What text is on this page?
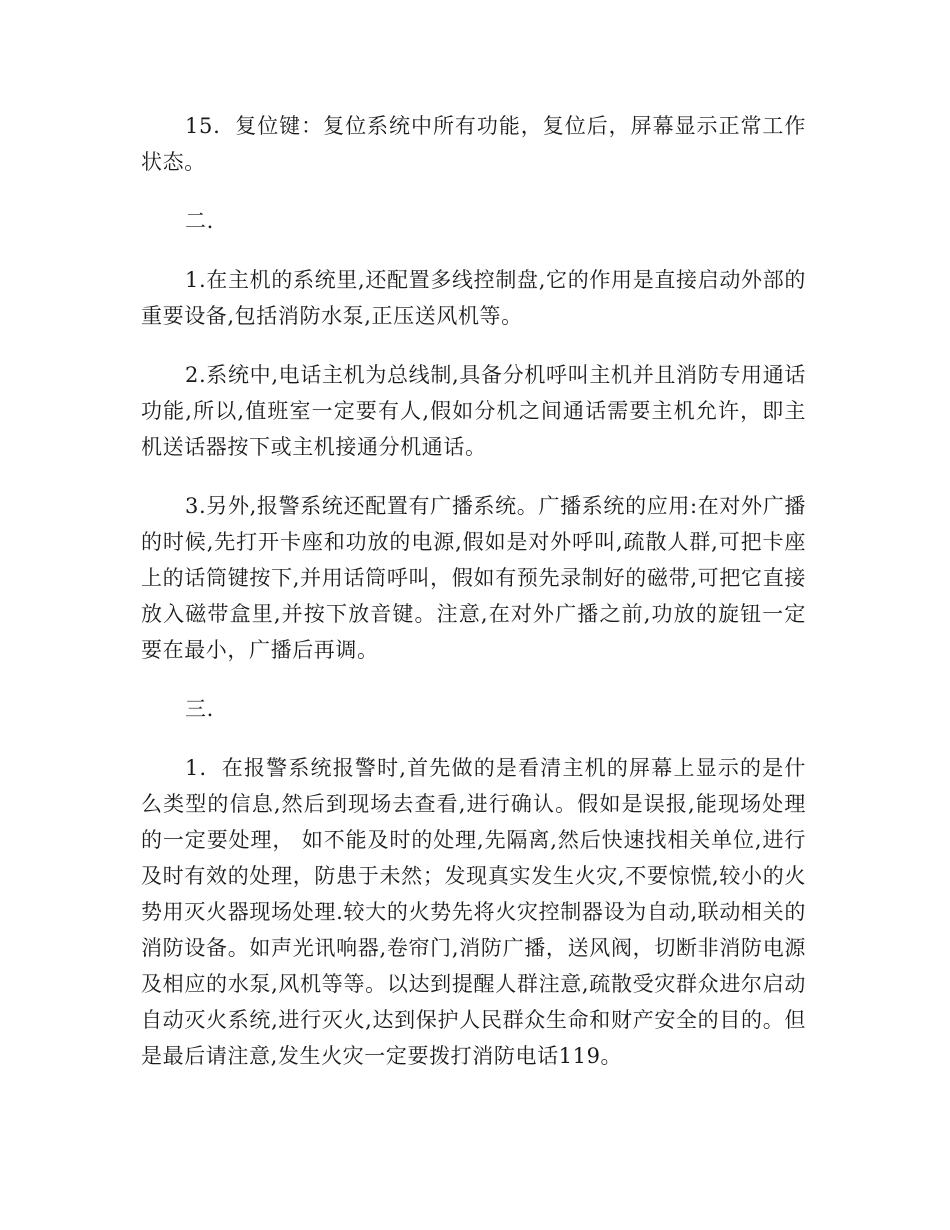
15．复位键：复位系统中所有功能，复位后，屏幕显示正常工作状态。

二.

1.在主机的系统里,还配置多线控制盘,它的作用是直接启动外部的重要设备,包括消防水泵,正压送风机等。

2.系统中,电话主机为总线制,具备分机呼叫主机并且消防专用通话功能,所以,值班室一定要有人,假如分机之间通话需要主机允许，即主机送话器按下或主机接通分机通话。

3.另外,报警系统还配置有广播系统。广播系统的应用:在对外广播的时候,先打开卡座和功放的电源,假如是对外呼叫,疏散人群,可把卡座上的话筒键按下,并用话筒呼叫，假如有预先录制好的磁带,可把它直接放入磁带盒里,并按下放音键。注意,在对外广播之前,功放的旋钮一定要在最小，广播后再调。

三.

1．在报警系统报警时,首先做的是看清主机的屏幕上显示的是什么类型的信息,然后到现场去查看,进行确认。假如是误报,能现场处理的一定要处理， 如不能及时的处理,先隔离,然后快速找相关单位,进行及时有效的处理，防患于未然；发现真实发生火灾,不要惊慌,较小的火势用灭火器现场处理.较大的火势先将火灾控制器设为自动,联动相关的消防设备。如声光讯响器,卷帘门,消防广播，送风阀，切断非消防电源及相应的水泵,风机等等。以达到提醒人群注意,疏散受灾群众进尔启动自动灭火系统,进行灭火,达到保护人民群众生命和财产安全的目的。但是最后请注意,发生火灾一定要拨打消防电话119。
